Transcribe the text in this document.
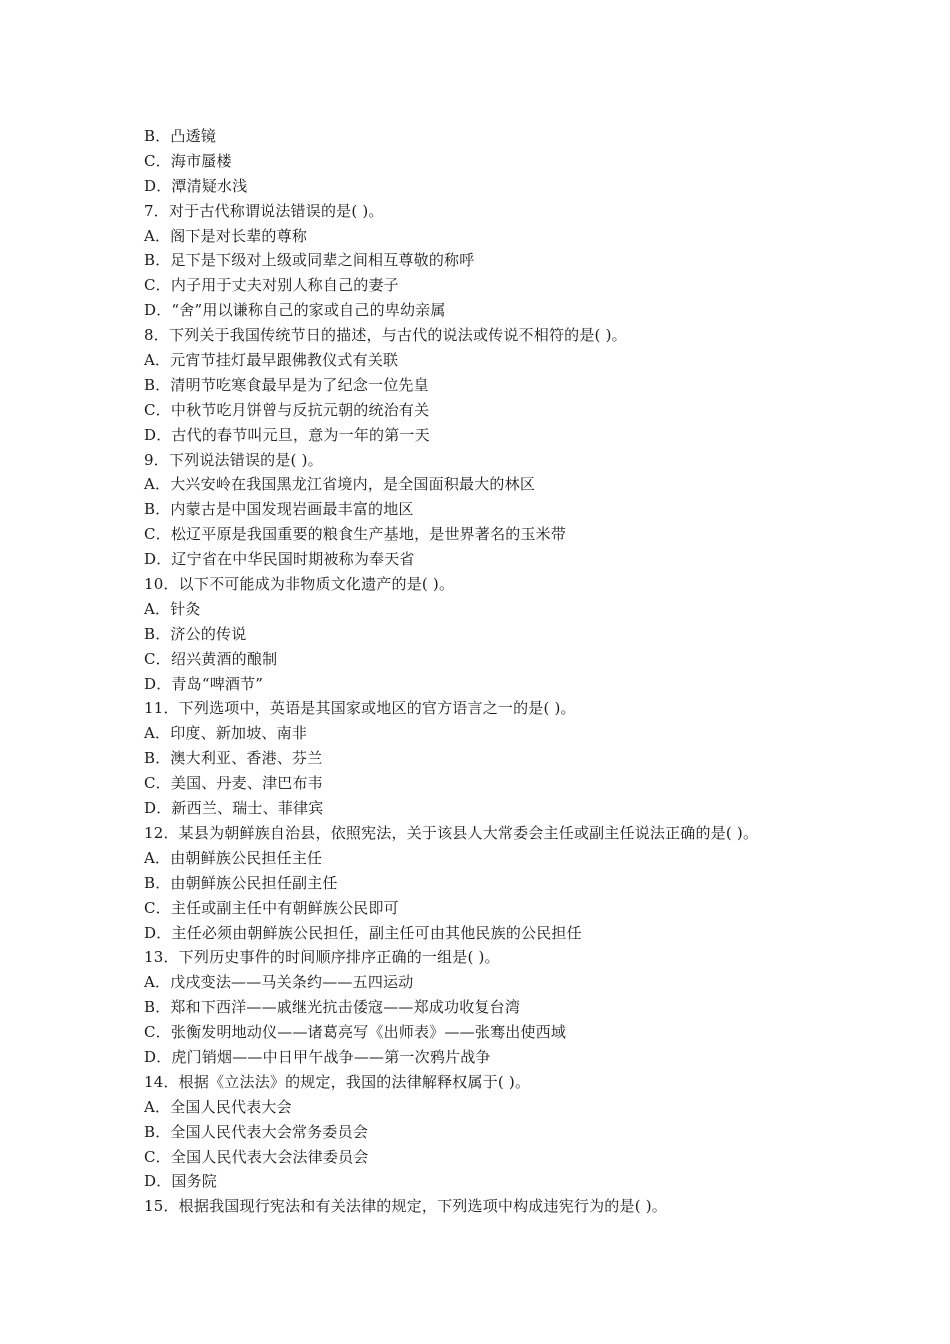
B．凸透镜
C．海市蜃楼
D．潭清疑水浅
7．对于古代称谓说法错误的是( )。
A．阁下是对长辈的尊称
B．足下是下级对上级或同辈之间相互尊敬的称呼
C．内子用于丈夫对别人称自己的妻子
D．“舍”用以谦称自己的家或自己的卑幼亲属
8．下列关于我国传统节日的描述，与古代的说法或传说不相符的是( )。
A．元宵节挂灯最早跟佛教仪式有关联
B．清明节吃寒食最早是为了纪念一位先皇
C．中秋节吃月饼曾与反抗元朝的统治有关
D．古代的春节叫元旦，意为一年的第一天
9．下列说法错误的是( )。
A．大兴安岭在我国黑龙江省境内，是全国面积最大的林区
B．内蒙古是中国发现岩画最丰富的地区
C．松辽平原是我国重要的粮食生产基地，是世界著名的玉米带
D．辽宁省在中华民国时期被称为奉天省
10．以下不可能成为非物质文化遗产的是( )。
A．针灸
B．济公的传说
C．绍兴黄酒的酿制
D．青岛“啤酒节”
11．下列选项中，英语是其国家或地区的官方语言之一的是( )。
A．印度、新加坡、南非
B．澳大利亚、香港、芬兰
C．美国、丹麦、津巴布韦
D．新西兰、瑞士、菲律宾
12．某县为朝鲜族自治县，依照宪法，关于该县人大常委会主任或副主任说法正确的是( )。
A．由朝鲜族公民担任主任
B．由朝鲜族公民担任副主任
C．主任或副主任中有朝鲜族公民即可
D．主任必须由朝鲜族公民担任，副主任可由其他民族的公民担任
13．下列历史事件的时间顺序排序正确的一组是( )。
A．戊戌变法——马关条约——五四运动
B．郑和下西洋——戚继光抗击倭寇——郑成功收复台湾
C．张衡发明地动仪——诸葛亮写《出师表》——张骞出使西域
D．虎门销烟——中日甲午战争——第一次鸦片战争
14．根据《立法法》的规定，我国的法律解释权属于( )。
A．全国人民代表大会
B．全国人民代表大会常务委员会
C．全国人民代表大会法律委员会
D．国务院
15．根据我国现行宪法和有关法律的规定，下列选项中构成违宪行为的是( )。
